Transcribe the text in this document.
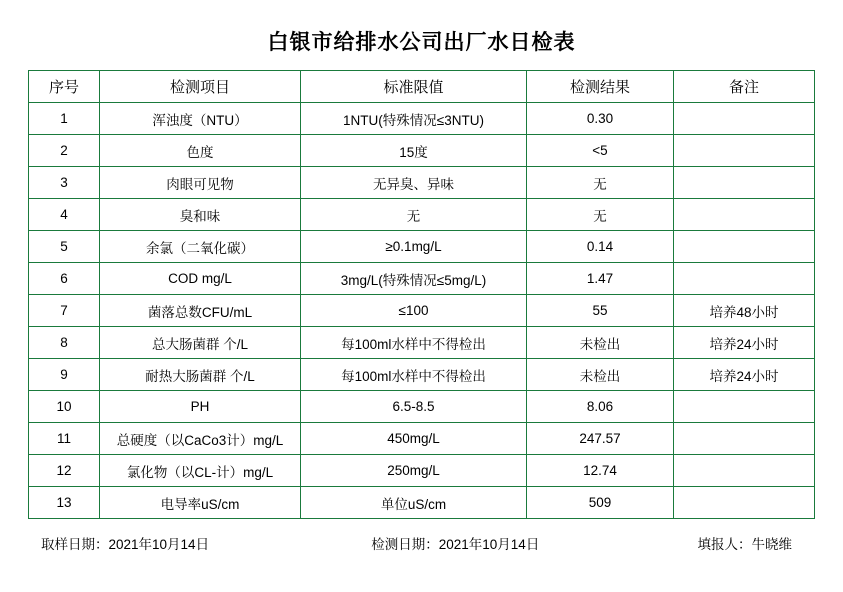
白银市给排水公司出厂水日检表
序号	检测项目	标准限值	检测结果	备注
1	浑浊度（NTU）	1NTU(特殊情况≤3NTU)	0.30	
2	色度	15度	<5	
3	肉眼可见物	无异臭、异味	无	
4	臭和味	无	无	
5	余氯（二氧化碳）	≥0.1mg/L	0.14	
6	COD mg/L	3mg/L(特殊情况≤5mg/L)	1.47	
7	菌落总数CFU/mL	≤100	55	培养48小时
8	总大肠菌群 个/L	每100ml水样中不得检出	未检出	培养24小时
9	耐热大肠菌群 个/L	每100ml水样中不得检出	未检出	培养24小时
10	PH	6.5-8.5	8.06	
11	总硬度（以CaCo3计）mg/L	450mg/L	247.57	
12	氯化物（以CL-计）mg/L	250mg/L	12.74	
13	电导率uS/cm	单位uS/cm	509	
取样日期：2021年10月14日	检测日期：2021年10月14日	填报人：牛晓维
